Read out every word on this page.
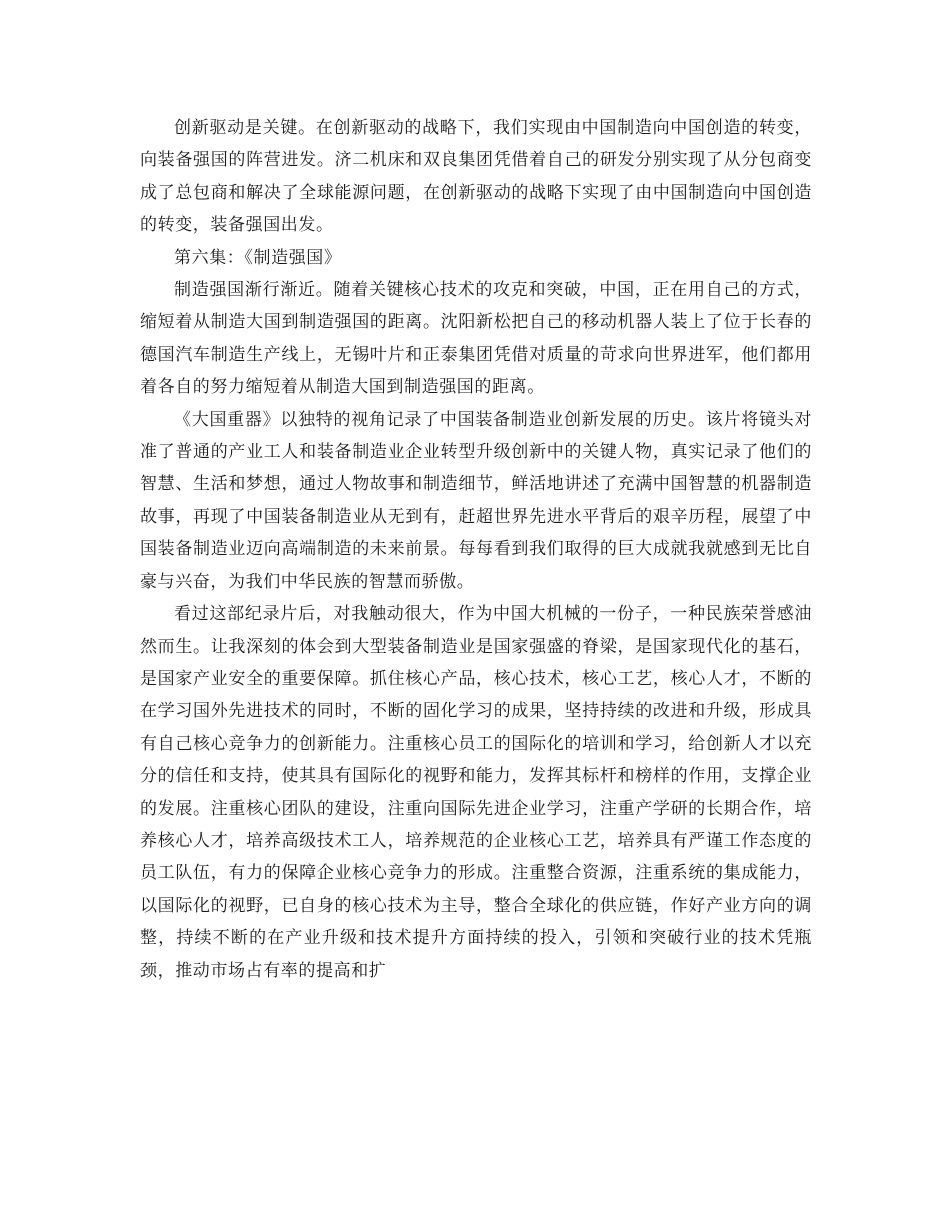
创新驱动是关键。在创新驱动的战略下，我们实现由中国制造向中国创造的转变，向装备强国的阵营进发。济二机床和双良集团凭借着自己的研发分别实现了从分包商变成了总包商和解决了全球能源问题，在创新驱动的战略下实现了由中国制造向中国创造的转变，装备强国出发。

第六集：《制造强国》

制造强国渐行渐近。随着关键核心技术的攻克和突破，中国，正在用自己的方式，缩短着从制造大国到制造强国的距离。沈阳新松把自己的移动机器人装上了位于长春的德国汽车制造生产线上，无锡叶片和正泰集团凭借对质量的苛求向世界进军，他们都用着各自的努力缩短着从制造大国到制造强国的距离。

《大国重器》以独特的视角记录了中国装备制造业创新发展的历史。该片将镜头对准了普通的产业工人和装备制造业企业转型升级创新中的关键人物，真实记录了他们的智慧、生活和梦想，通过人物故事和制造细节，鲜活地讲述了充满中国智慧的机器制造故事，再现了中国装备制造业从无到有，赶超世界先进水平背后的艰辛历程，展望了中国装备制造业迈向高端制造的未来前景。每每看到我们取得的巨大成就我就感到无比自豪与兴奋，为我们中华民族的智慧而骄傲。

看过这部纪录片后，对我触动很大，作为中国大机械的一份子，一种民族荣誉感油然而生。让我深刻的体会到大型装备制造业是国家强盛的脊梁，是国家现代化的基石，是国家产业安全的重要保障。抓住核心产品，核心技术，核心工艺，核心人才，不断的在学习国外先进技术的同时，不断的固化学习的成果，坚持持续的改进和升级，形成具有自己核心竞争力的创新能力。注重核心员工的国际化的培训和学习，给创新人才以充分的信任和支持，使其具有国际化的视野和能力，发挥其标杆和榜样的作用，支撑企业的发展。注重核心团队的建设，注重向国际先进企业学习，注重产学研的长期合作，培养核心人才，培养高级技术工人，培养规范的企业核心工艺，培养具有严谨工作态度的员工队伍，有力的保障企业核心竞争力的形成。注重整合资源，注重系统的集成能力，以国际化的视野，已自身的核心技术为主导，整合全球化的供应链，作好产业方向的调整，持续不断的在产业升级和技术提升方面持续的投入，引领和突破行业的技术凭瓶颈，推动市场占有率的提高和扩
